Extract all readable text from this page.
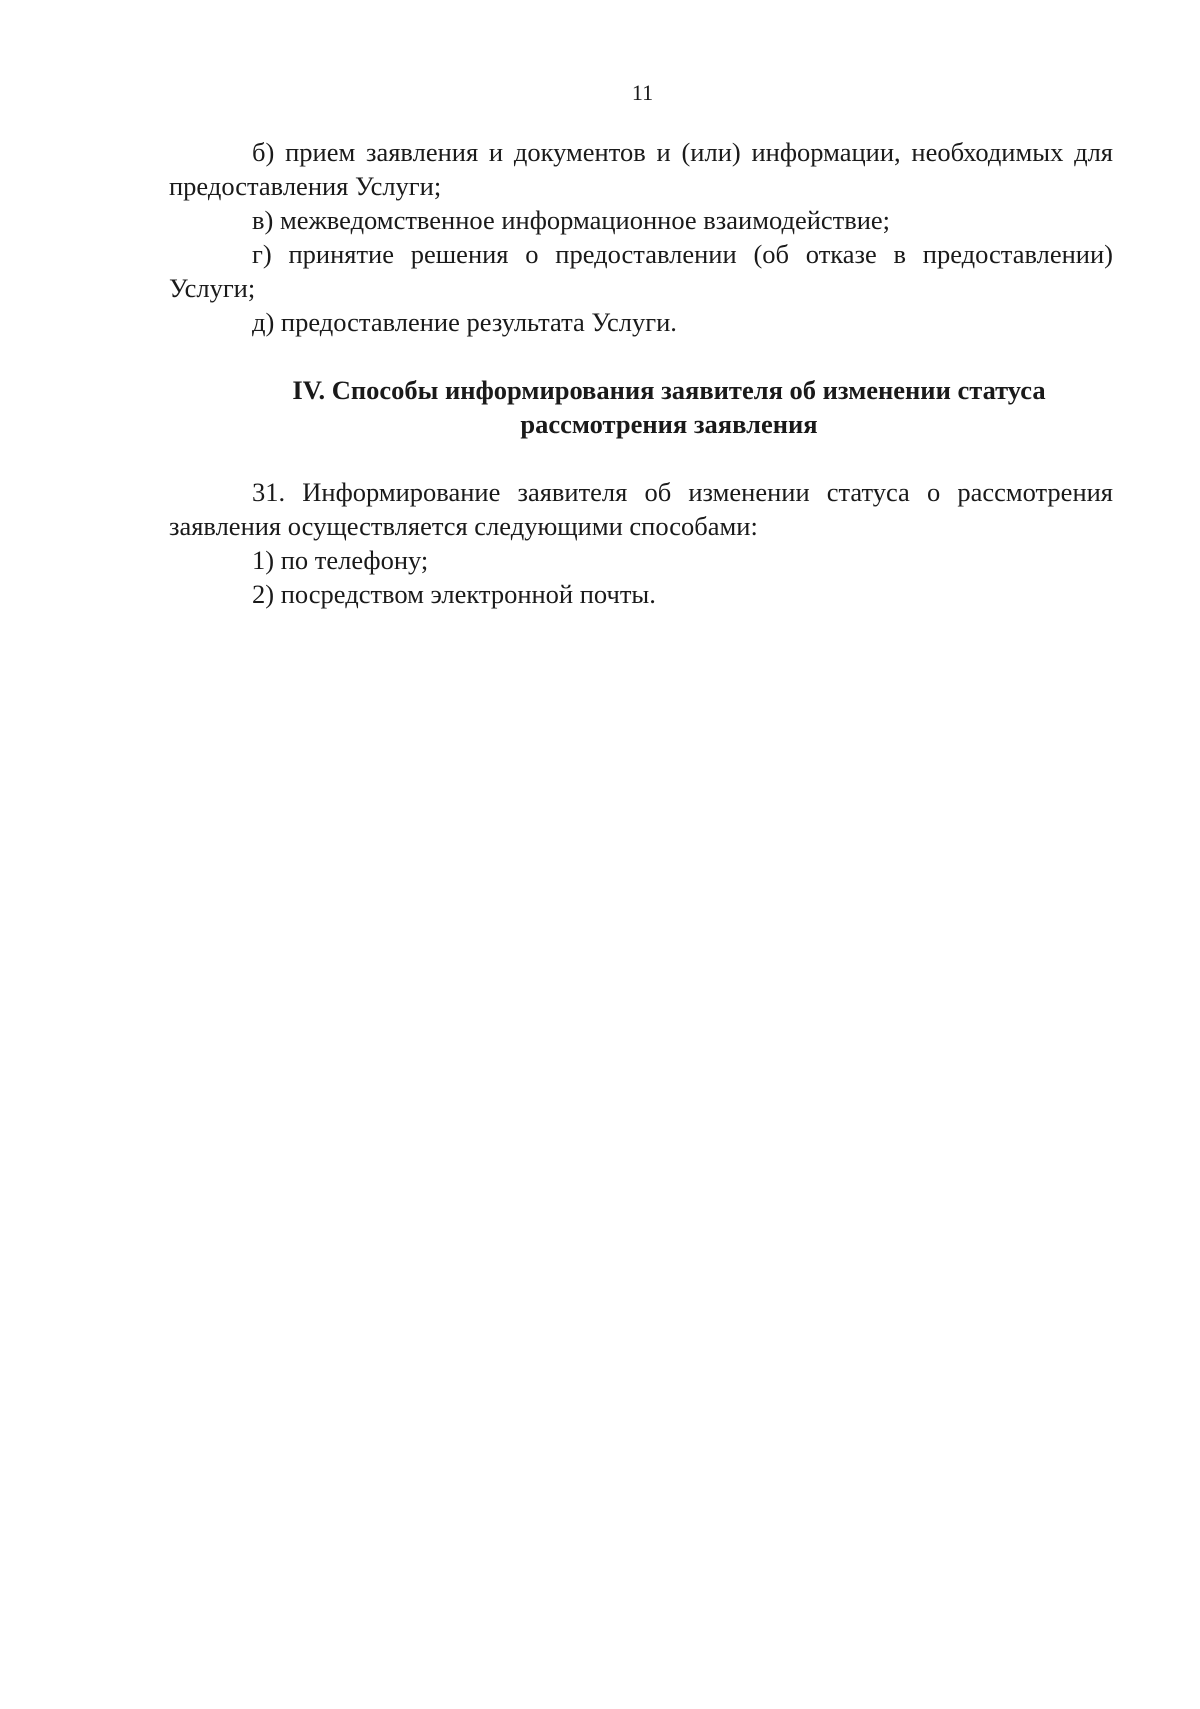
11

б) прием заявления и документов и (или) информации, необходимых для предоставления Услуги;

в) межведомственное информационное взаимодействие;

г) принятие решения о предоставлении (об отказе в предоставлении) Услуги;

д) предоставление результата Услуги.

IV. Способы информирования заявителя об изменении статуса
рассмотрения заявления

31. Информирование заявителя об изменении статуса о рассмотрения заявления осуществляется следующими способами:

1) по телефону;

2) посредством электронной почты.
